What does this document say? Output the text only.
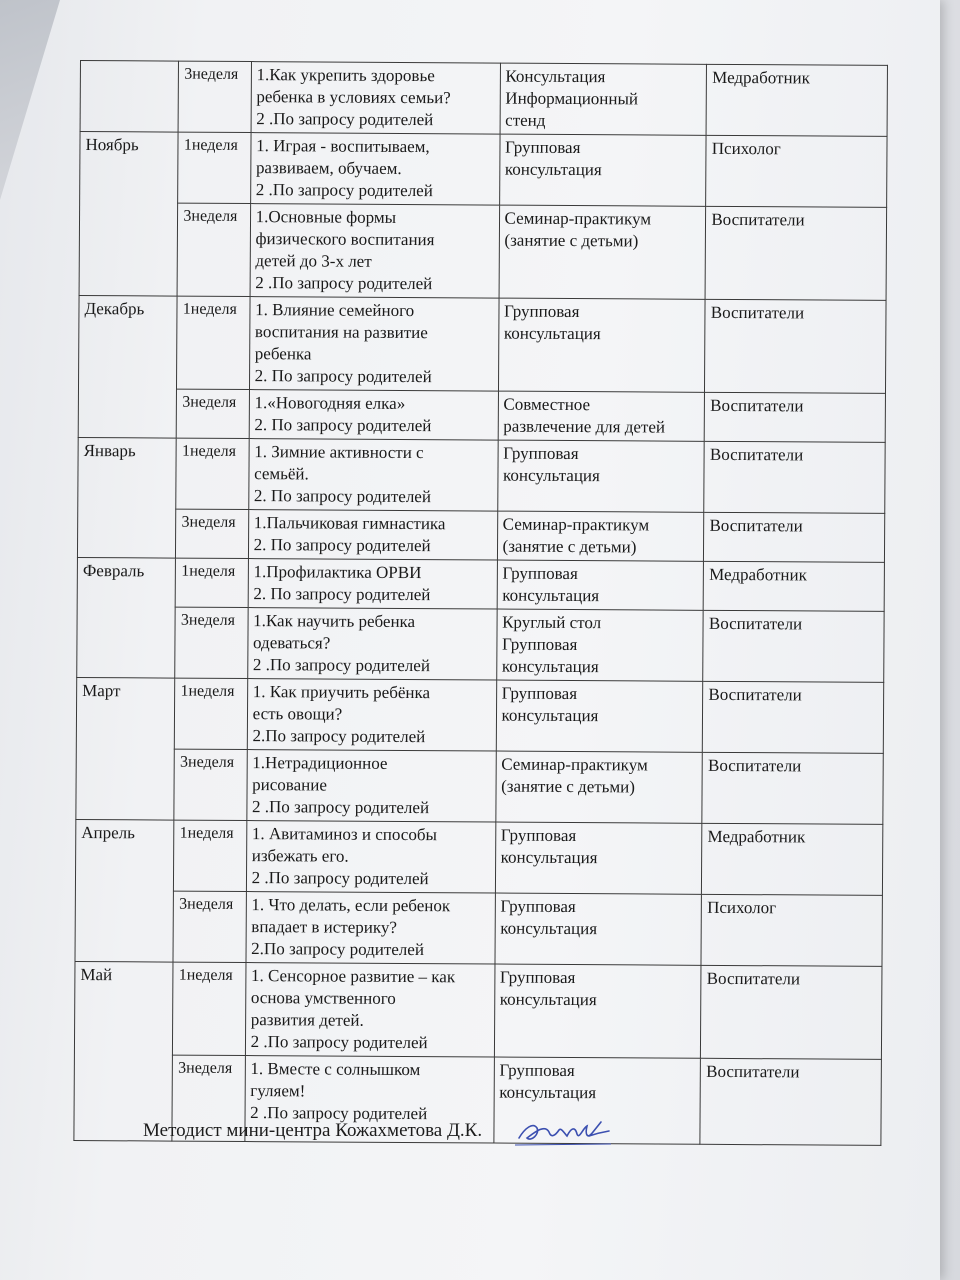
	3неделя	1.Как укрепить здоровье
ребенка в условиях семьи?
2 .По запросу родителей	Консультация
Информационный
стенд	Медработник
Ноябрь	1неделя	1. Играя - воспитываем,
развиваем, обучаем.
2 .По запросу родителей	Групповая
консультация	Психолог
	3неделя	1.Основные формы
физического воспитания
детей до 3-х лет
2 .По запросу родителей	Семинар-практикум
(занятие с детьми)	Воспитатели
Декабрь	1неделя	1. Влияние семейного
воспитания на развитие
ребенка
2. По запросу родителей	Групповая
консультация	Воспитатели
	3неделя	1.«Новогодняя елка»
2. По запросу родителей	Совместное
развлечение для детей	Воспитатели
Январь	1неделя	1. Зимние активности с
семьёй.
2. По запросу родителей	Групповая
консультация	Воспитатели
	3неделя	1.Пальчиковая гимнастика
2. По запросу родителей	Семинар-практикум
(занятие с детьми)	Воспитатели
Февраль	1неделя	1.Профилактика ОРВИ
2. По запросу родителей	Групповая
консультация	Медработник
	3неделя	1.Как научить ребенка
одеваться?
2 .По запросу родителей	Круглый стол
Групповая
консультация	Воспитатели
Март	1неделя	1. Как приучить ребёнка
есть овощи?
2.По запросу родителей	Групповая
консультация	Воспитатели
	3неделя	1.Нетрадиционное
рисование
2 .По запросу родителей	Семинар-практикум
(занятие с детьми)	Воспитатели
Апрель	1неделя	1. Авитаминоз и способы
избежать его.
2 .По запросу родителей	Групповая
консультация	Медработник
	3неделя	1. Что делать, если ребенок
впадает в истерику?
2.По запросу родителей	Групповая
консультация	Психолог
Май	1неделя	1. Сенсорное развитие – как
основа умственного
развития детей.
2 .По запросу родителей	Групповая
консультация	Воспитатели
	3неделя	1. Вместе с солнышком
гуляем!
2 .По запросу родителей	Групповая
консультация	Воспитатели
Методист мини-центра Кожахметова Д.К.
